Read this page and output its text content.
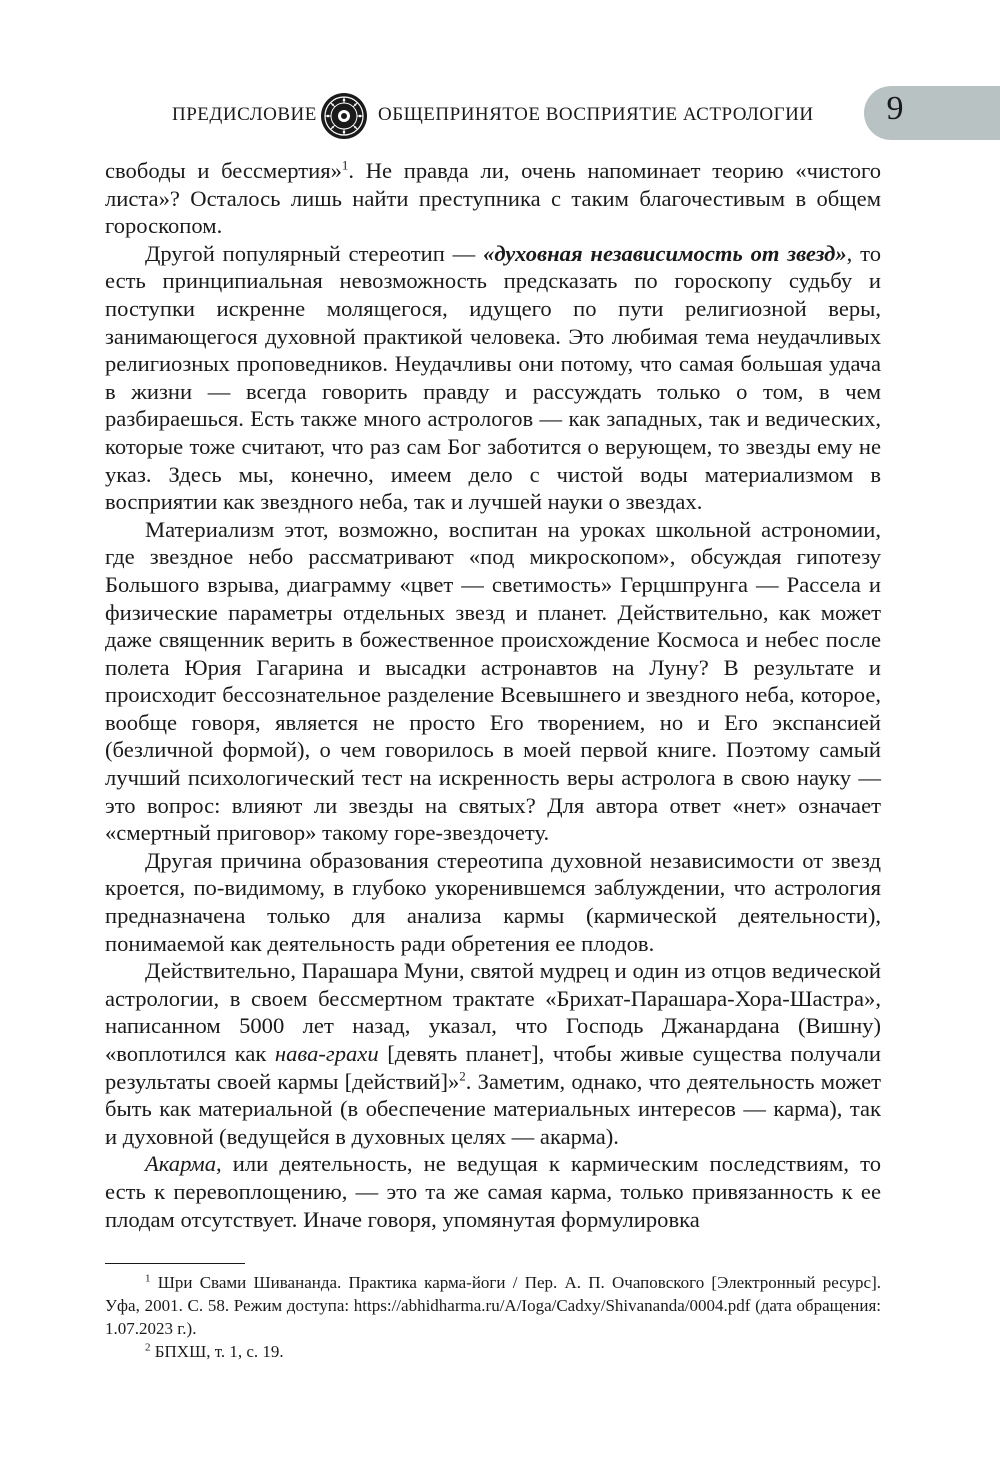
ПРЕДИСЛОВИЕ	ОБЩЕПРИНЯТОЕ ВОСПРИЯТИЕ АСТРОЛОГИИ 9

свободы и бессмертия»$^1$. Не правда ли, очень напоминает теорию «чистого листа»? Осталось лишь найти преступника с таким благочестивым в общем гороскопом.

Другой популярный стереотип — «духовная независимость от звезд», то есть принципиальная невозможность предсказать по гороскопу судьбу и поступки искренне молящегося, идущего по пути религиозной веры, занимающегося духовной практикой человека. Это любимая тема неудачливых религиозных проповедников. Неудачливы они потому, что самая большая удача в жизни — всегда говорить правду и рассуждать только о том, в чем разбираешься. Есть также много астрологов — как западных, так и ведических, которые тоже считают, что раз сам Бог заботится о верующем, то звезды ему не указ. Здесь мы, конечно, имеем дело с чистой воды материализмом в восприятии как звездного неба, так и лучшей науки о звездах.

Материализм этот, возможно, воспитан на уроках школьной астрономии, где звездное небо рассматривают «под микроскопом», обсуждая гипотезу Большого взрыва, диаграмму «цвет — светимость» Герцшпрунга — Рассела и физические параметры отдельных звезд и планет. Действительно, как может даже священник верить в божественное происхождение Космоса и небес после полета Юрия Гагарина и высадки астронавтов на Луну? В результате и происходит бессознательное разделение Всевышнего и звездного неба, которое, вообще говоря, является не просто Его творением, но и Его экспансией (безличной формой), о чем говорилось в моей первой книге. Поэтому самый лучший психологический тест на искренность веры астролога в свою науку — это вопрос: влияют ли звезды на святых? Для автора ответ «нет» означает «смертный приговор» такому горе-звездочету.

Другая причина образования стереотипа духовной независимости от звезд кроется, по-видимому, в глубоко укоренившемся заблуждении, что астрология предназначена только для анализа кармы (кармической деятельности), понимаемой как деятельность ради обретения ее плодов.

Действительно, Парашара Муни, святой мудрец и один из отцов ведической астрологии, в своем бессмертном трактате «Брихат-Парашара-Хора-Шастра», написанном 5000 лет назад, указал, что Господь Джанардана (Вишну) «воплотился как нава-грахи [девять планет], чтобы живые существа получали результаты своей кармы [действий]»$^2$. Заметим, однако, что деятельность может быть как материальной (в обеспечение материальных интересов — карма), так и духовной (ведущейся в духовных целях — акарма).

Акарма, или деятельность, не ведущая к кармическим последствиям, то есть к перевоплощению, — это та же самая карма, только привязанность к ее плодам отсутствует. Иначе говоря, упомянутая формулировка

$^1$ Шри Свами Шивананда. Практика карма-йоги / Пер. А. П. Очаповского [Электронный ресурс]. Уфа, 2001. С. 58. Режим доступа: https://abhidharma.ru/A/Ioga/Cadxy/Shivananda/0004.pdf (дата обращения: 1.07.2023 г.).

$^2$ БПХШ, т. 1, с. 19.
